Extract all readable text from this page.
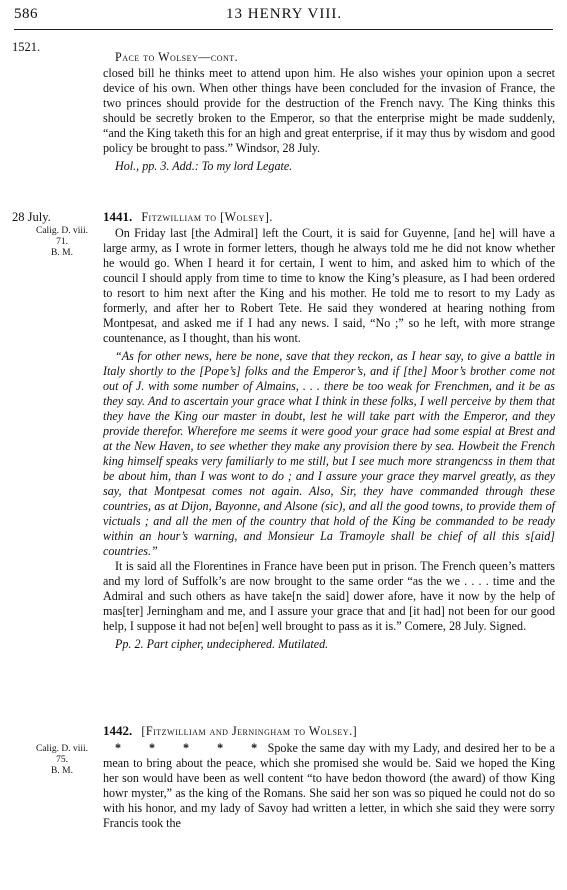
586	13 HENRY VIII.
1521.

Pace to Wolsey—cont.

closed bill he thinks meet to attend upon him. He also wishes your opinion upon a secret device of his own. When other things have been concluded for the invasion of France, the two princes should provide for the destruction of the French navy. The King thinks this should be secretly broken to the Emperor, so that the enterprise might be made suddenly, “and the King taketh this for an high and great enterprise, if it may thus by wisdom and good policy be brought to pass.” Windsor, 28 July.

Hol., pp. 3. Add.: To my lord Legate.

28 July.
Calig. D. viii.
71.
B. M.

1441. Fitzwilliam to [Wolsey].

On Friday last [the Admiral] left the Court, it is said for Guyenne, [and he] will have a large army, as I wrote in former letters, though he always told me he did not know whether he would go. When I heard it for certain, I went to him, and asked him to which of the council I should apply from time to time to know the King’s pleasure, as I had been ordered to resort to him next after the King and his mother. He told me to resort to my Lady as formerly, and after her to Robert Tete. He said they wondered at hearing nothing from Montpesat, and asked me if I had any news. I said, “No ;” so he left, with more strange countenance, as I thought, than his wont.

“As for other news, here be none, save that they reckon, as I hear say, to give a battle in Italy shortly to the [Pope’s] folks and the Emperor’s, and if [the] Moor’s brother come not out of J. with some number of Almains, . . . there be too weak for Frenchmen, and it be as they say. And to ascertain your grace what I think in these folks, I well perceive by them that they have the King our master in doubt, lest he will take part with the Emperor, and they provide therefor. Wherefore me seems it were good your grace had some espial at Brest and at the New Haven, to see whether they make any provision there by sea. Howbeit the French king himself speaks very familiarly to me still, but I see much more strangencss in them that be about him, than I was wont to do ; and I assure your grace they marvel greatly, as they say, that Montpesat comes not again. Also, Sir, they have commanded through these countries, as at Dijon, Bayonne, and Alsone (sic), and all the good towns, to provide them of victuals ; and all the men of the country that hold of the King be commanded to be ready within an hour’s warning, and Monsieur La Tramoyle shall be chief of all this s[aid] countries.”

It is said all the Florentines in France have been put in prison. The French queen’s matters and my lord of Suffolk’s are now brought to the same order “as the we . . . . time and the Admiral and such others as have take[n the said] dower afore, have it now by the help of mas[ter] Jerningham and me, and I assure your grace that and [it had] not been for our good help, I suppose it had not be[en] well brought to pass as it is.” Comere, 28 July. Signed.

Pp. 2. Part cipher, undeciphered. Mutilated.

Calig. D. viii.
75.
B. M.

1442. [Fitzwilliam and Jerningham to Wolsey.]

*        *        *        *        * Spoke the same day with my Lady, and desired her to be a mean to bring about the peace, which she promised she would be. Said we hoped the King her son would have been as well content “to have bedon thoword (the award) of thow King howr myster,” as the king of the Romans. She said her son was so piqued he could not do so with his honor, and my lady of Savoy had written a letter, in which she said they were sorry Francis took the
